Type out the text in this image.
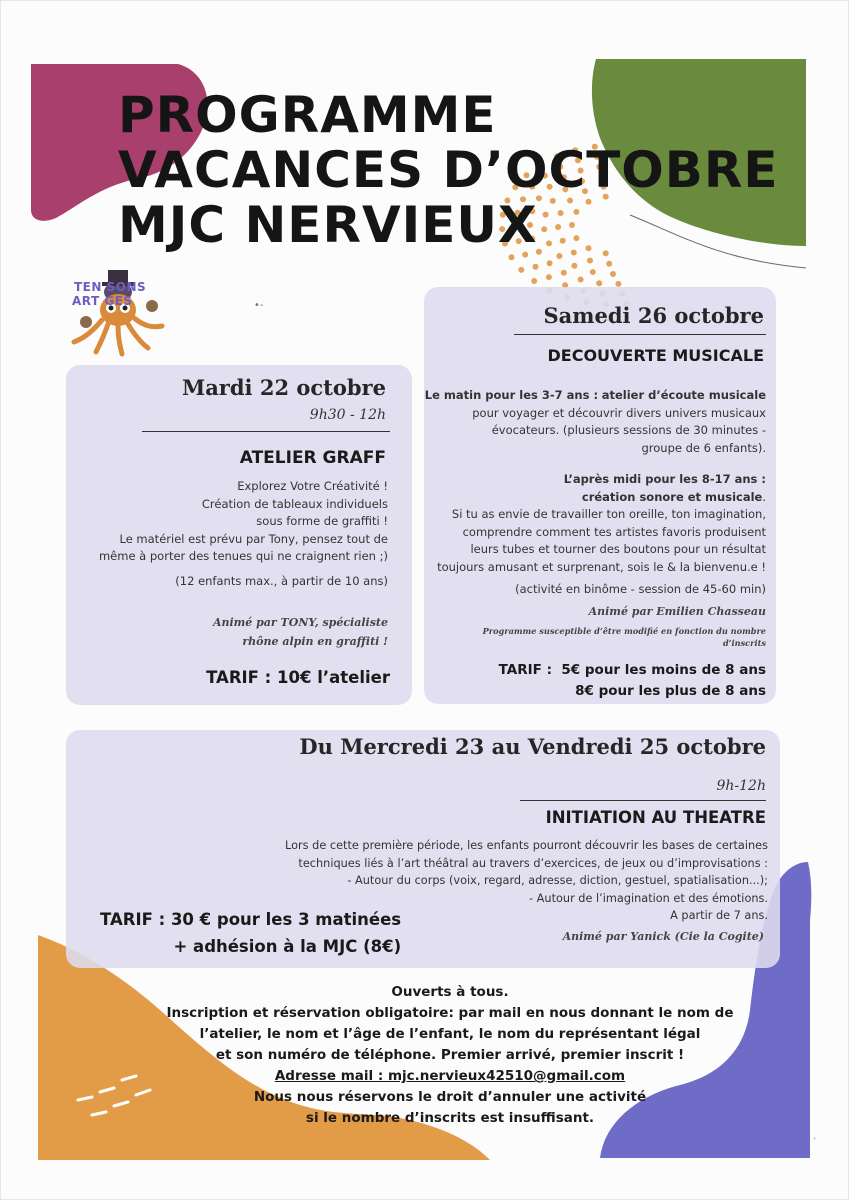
PROGRAMME
VACANCES D’OCTOBRE
MJC NERVIEUX
TEN SONS
ART GES	•‑
Mardi 22 octobre
9h30 - 12h
ATELIER GRAFF
Explorez Votre Créativité !
Création de tableaux individuels
sous forme de graffiti !
Le matériel est prévu par Tony, pensez tout de
même à porter des tenues qui ne craignent rien ;)
(12 enfants max., à partir de 10 ans)
Animé par TONY, spécialiste
rhône alpin en graffiti !
TARIF : 10€ l’atelier
Samedi 26 octobre
DECOUVERTE MUSICALE
Le matin pour les 3-7 ans : atelier d’écoute musicale
pour voyager et découvrir divers univers musicaux
évocateurs. (plusieurs sessions de 30 minutes -
groupe de 6 enfants).
L’après midi pour les 8-17 ans :
création sonore et musicale.
Si tu as envie de travailler ton oreille, ton imagination,
comprendre comment tes artistes favoris produisent
leurs tubes et tourner des boutons pour un résultat
toujours amusant et surprenant, sois le & la bienvenu.e !
(activité en binôme - session de 45-60 min)
Animé par Emilien Chasseau
Programme susceptible d’être modifié en fonction du nombre
d’inscrits
TARIF : 5€ pour les moins de 8 ans
8€ pour les plus de 8 ans
Du Mercredi 23 au Vendredi 25 octobre
9h-12h
INITIATION AU THEATRE
Lors de cette première période, les enfants pourront découvrir les bases de certaines
techniques liés à l’art théâtral au travers d’exercices, de jeux ou d’improvisations :
- Autour du corps (voix, regard, adresse, diction, gestuel, spatialisation...);
- Autour de l’imagination et des émotions.
A partir de 7 ans.
TARIF : 30 € pour les 3 matinées
+ adhésion à la MJC (8€)
Animé par Yanick (Cie la Cogite)
Ouverts à tous.
Inscription et réservation obligatoire: par mail en nous donnant le nom de
l’atelier, le nom et l’âge de l’enfant, le nom du représentant légal
et son numéro de téléphone. Premier arrivé, premier inscrit !
Adresse mail : mjc.nervieux42510@gmail.com
Nous nous réservons le droit d’annuler une activité
si le nombre d’inscrits est insuffisant.
·
